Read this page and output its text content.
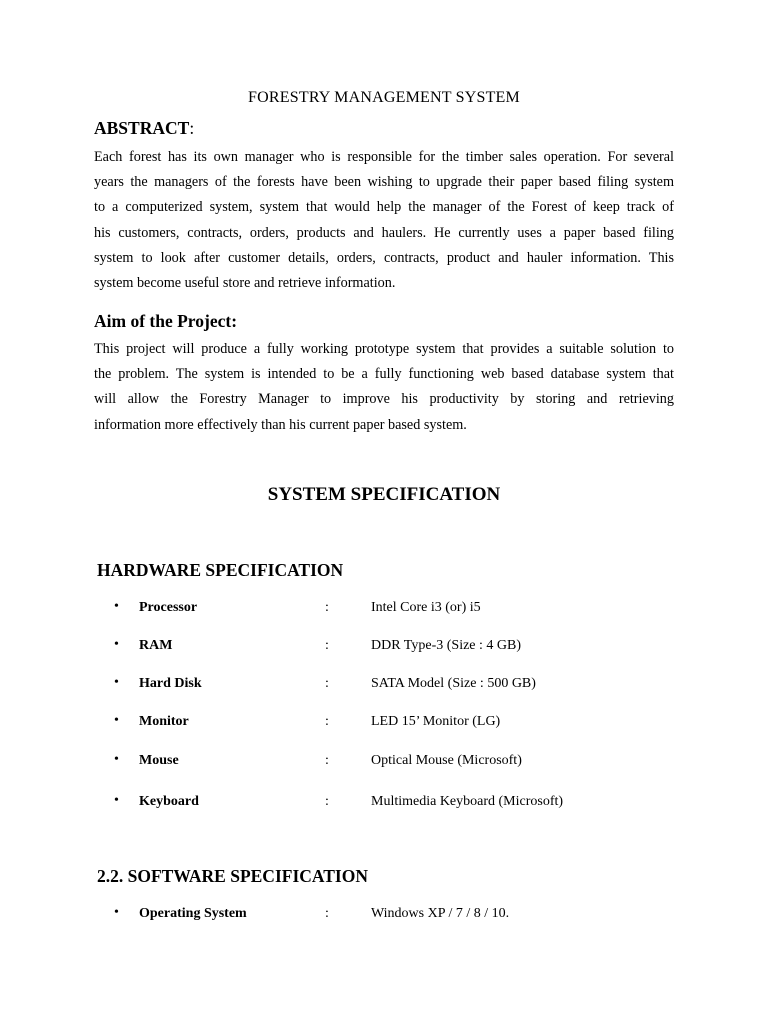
FORESTRY MANAGEMENT SYSTEM

ABSTRACT:

Each forest has its own manager who is responsible for the timber sales operation. For several
years the managers of the forests have been wishing to upgrade their paper based filing system
to a computerized system, system that would help the manager of the Forest of keep track of
his customers, contracts, orders, products and haulers. He currently uses a paper based filing
system to look after customer details, orders, contracts, product and hauler information. This
system become useful store and retrieve information.

Aim of the Project:

This project will produce a fully working prototype system that provides a suitable solution to
the problem. The system is intended to be a fully functioning web based database system that
will allow the Forestry Manager to improve his productivity by storing and retrieving
information more effectively than his current paper based system.

SYSTEM SPECIFICATION

HARDWARE SPECIFICATION

• Processor	:	Intel Core i3 (or) i5
• RAM	:	DDR Type-3 (Size : 4 GB)
• Hard Disk	:	SATA Model (Size : 500 GB)
• Monitor	:	LED 15’ Monitor (LG)
• Mouse	:	Optical Mouse (Microsoft)
• Keyboard	:	Multimedia Keyboard (Microsoft)

2.2. SOFTWARE SPECIFICATION

• Operating System	:	Windows XP / 7 / 8 / 10.
